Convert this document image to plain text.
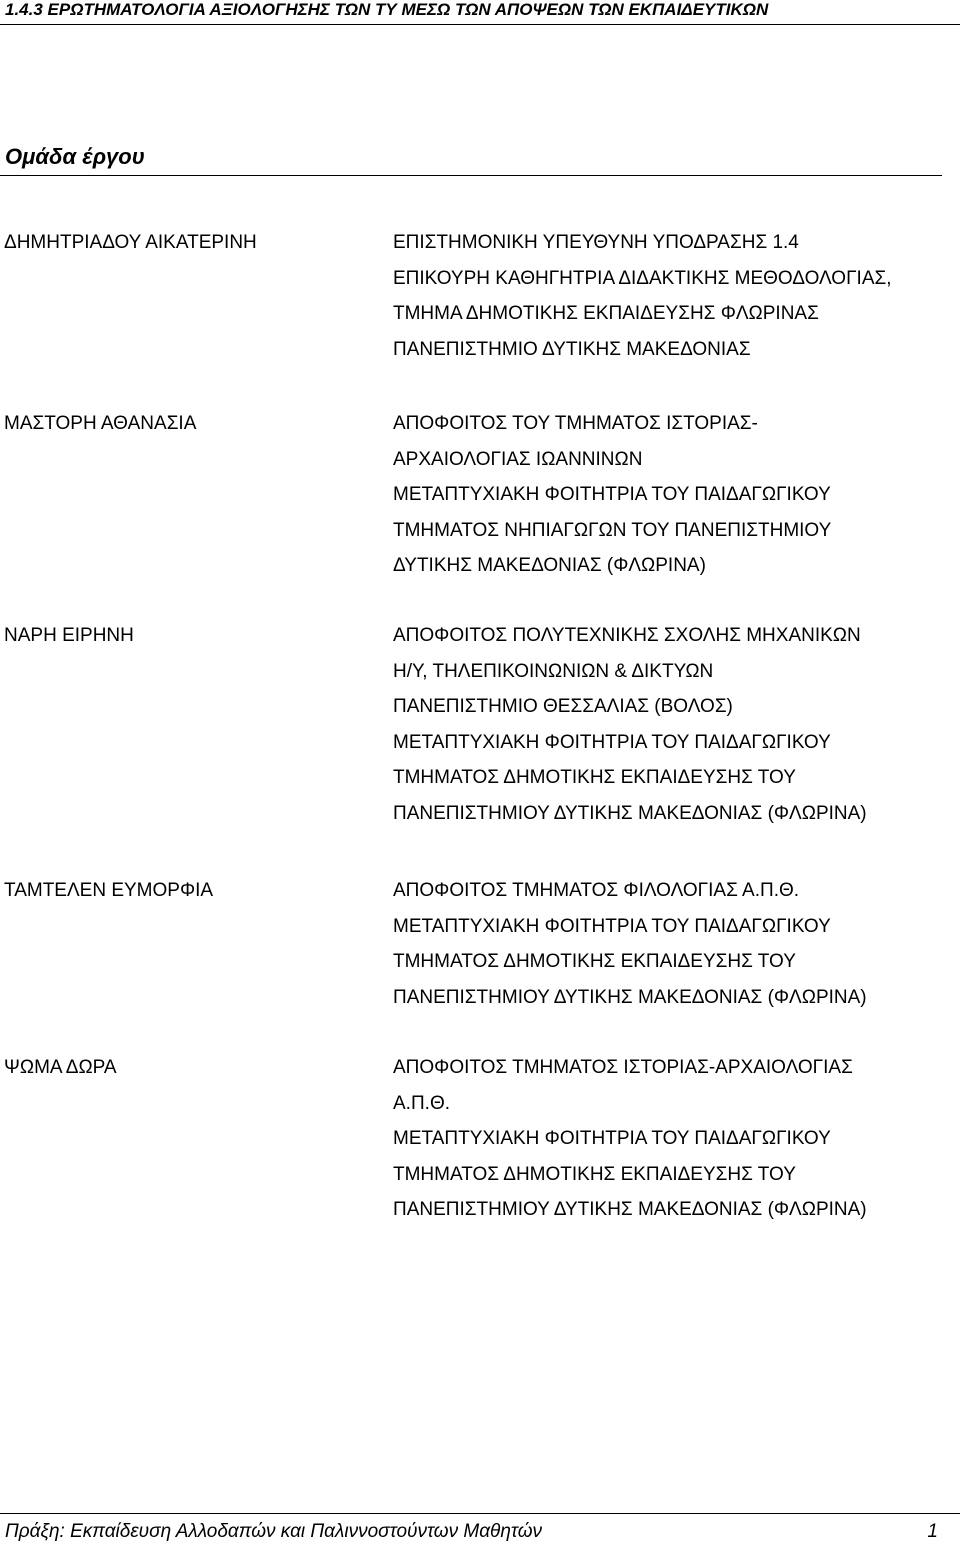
1.4.3 ΕΡΩΤΗΜΑΤΟΛΟΓΙΑ ΑΞΙΟΛΟΓΗΣΗΣ ΤΩΝ ΤΥ ΜΕΣΩ ΤΩΝ ΑΠΟΨΕΩΝ ΤΩΝ ΕΚΠΑΙΔΕΥΤΙΚΩΝ
Ομάδα έργου
ΔΗΜΗΤΡΙΑΔΟΥ ΑΙΚΑΤΕΡΙΝΗ	ΕΠΙΣΤΗΜΟΝΙΚΗ ΥΠΕΥΘΥΝΗ ΥΠΟΔΡΑΣΗΣ 1.4
ΕΠΙΚΟΥΡΗ ΚΑΘΗΓΗΤΡΙΑ ΔΙΔΑΚΤΙΚΗΣ ΜΕΘΟΔΟΛΟΓΙΑΣ,
ΤΜΗΜΑ ΔΗΜΟΤΙΚΗΣ ΕΚΠΑΙΔΕΥΣΗΣ ΦΛΩΡΙΝΑΣ
ΠΑΝΕΠΙΣΤΗΜΙΟ ΔΥΤΙΚΗΣ ΜΑΚΕΔΟΝΙΑΣ
ΜΑΣΤΟΡΗ ΑΘΑΝΑΣΙΑ	ΑΠΟΦΟΙΤΟΣ ΤΟΥ ΤΜΗΜΑΤΟΣ ΙΣΤΟΡΙΑΣ-
ΑΡΧΑΙΟΛΟΓΙΑΣ ΙΩΑΝΝΙΝΩΝ
ΜΕΤΑΠΤΥΧΙΑΚΗ ΦΟΙΤΗΤΡΙΑ ΤΟΥ ΠΑΙΔΑΓΩΓΙΚΟΥ
ΤΜΗΜΑΤΟΣ ΝΗΠΙΑΓΩΓΩΝ ΤΟΥ ΠΑΝΕΠΙΣΤΗΜΙΟΥ
ΔΥΤΙΚΗΣ ΜΑΚΕΔΟΝΙΑΣ (ΦΛΩΡΙΝΑ)
ΝΑΡΗ ΕΙΡΗΝΗ	ΑΠΟΦΟΙΤΟΣ ΠΟΛΥΤΕΧΝΙΚΗΣ ΣΧΟΛΗΣ ΜΗΧΑΝΙΚΩΝ
Η/Υ, ΤΗΛΕΠΙΚΟΙΝΩΝΙΩΝ & ΔΙΚΤΥΩΝ
ΠΑΝΕΠΙΣΤΗΜΙΟ ΘΕΣΣΑΛΙΑΣ (ΒΟΛΟΣ)
ΜΕΤΑΠΤΥΧΙΑΚΗ ΦΟΙΤΗΤΡΙΑ ΤΟΥ ΠΑΙΔΑΓΩΓΙΚΟΥ
ΤΜΗΜΑΤΟΣ ΔΗΜΟΤΙΚΗΣ ΕΚΠΑΙΔΕΥΣΗΣ ΤΟΥ
ΠΑΝΕΠΙΣΤΗΜΙΟΥ ΔΥΤΙΚΗΣ ΜΑΚΕΔΟΝΙΑΣ (ΦΛΩΡΙΝΑ)
ΤΑΜΤΕΛΕΝ ΕΥΜΟΡΦΙΑ	ΑΠΟΦΟΙΤΟΣ ΤΜΗΜΑΤΟΣ ΦΙΛΟΛΟΓΙΑΣ Α.Π.Θ.
ΜΕΤΑΠΤΥΧΙΑΚΗ ΦΟΙΤΗΤΡΙΑ ΤΟΥ ΠΑΙΔΑΓΩΓΙΚΟΥ
ΤΜΗΜΑΤΟΣ ΔΗΜΟΤΙΚΗΣ ΕΚΠΑΙΔΕΥΣΗΣ ΤΟΥ
ΠΑΝΕΠΙΣΤΗΜΙΟΥ ΔΥΤΙΚΗΣ ΜΑΚΕΔΟΝΙΑΣ (ΦΛΩΡΙΝΑ)
ΨΩΜΑ ΔΩΡΑ	ΑΠΟΦΟΙΤΟΣ ΤΜΗΜΑΤΟΣ ΙΣΤΟΡΙΑΣ-ΑΡΧΑΙΟΛΟΓΙΑΣ
Α.Π.Θ.
ΜΕΤΑΠΤΥΧΙΑΚΗ ΦΟΙΤΗΤΡΙΑ ΤΟΥ ΠΑΙΔΑΓΩΓΙΚΟΥ
ΤΜΗΜΑΤΟΣ ΔΗΜΟΤΙΚΗΣ ΕΚΠΑΙΔΕΥΣΗΣ ΤΟΥ
ΠΑΝΕΠΙΣΤΗΜΙΟΥ ΔΥΤΙΚΗΣ ΜΑΚΕΔΟΝΙΑΣ (ΦΛΩΡΙΝΑ)
Πράξη: Εκπαίδευση Αλλοδαπών και Παλιννοστούντων Μαθητών	1
